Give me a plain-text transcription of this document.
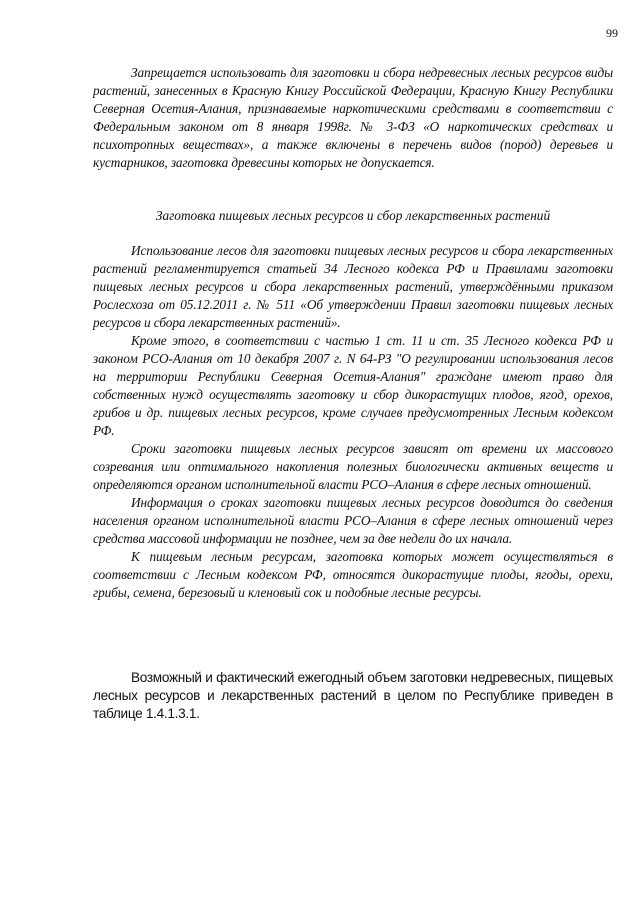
99

Запрещается использовать для заготовки и сбора недревесных лесных ресурсов виды растений, занесенных в Красную Книгу Российской Федерации, Красную Книгу Республики Северная Осетия-Алания, признаваемые наркотическими средствами в соответствии с Федеральным законом от 8 января 1998г. № 3-ФЗ «О наркотических средствах и психотропных веществах», а также включены в перечень видов (пород) деревьев и кустарников, заготовка древесины которых не допускается.

Заготовка пищевых лесных ресурсов и сбор лекарственных растений

Использование лесов для заготовки пищевых лесных ресурсов и сбора лекарственных растений регламентируется статьей 34 Лесного кодекса РФ и Правилами заготовки пищевых лесных ресурсов и сбора лекарственных растений, утверждёнными приказом Рослесхоза от 05.12.2011 г. № 511 «Об утверждении Правил заготовки пищевых лесных ресурсов и сбора лекарственных растений».

Кроме этого, в соответствии с частью 1 ст. 11 и ст. 35 Лесного кодекса РФ и законом РСО-Алания от 10 декабря 2007 г. N 64-РЗ "О регулировании использования лесов на территории Республики Северная Осетия-Алания" граждане имеют право для собственных нужд осуществлять заготовку и сбор дикорастущих плодов, ягод, орехов, грибов и др. пищевых лесных ресурсов, кроме случаев предусмотренных Лесным кодексом РФ.

Сроки заготовки пищевых лесных ресурсов зависят от времени их массового созревания или оптимального накопления полезных биологически активных веществ и определяются органом исполнительной власти РСО–Алания в сфере лесных отношений.

Информация о сроках заготовки пищевых лесных ресурсов доводится до сведения населения органом исполнительной власти РСО–Алания в сфере лесных отношений через средства массовой информации не позднее, чем за две недели до их начала.

К пищевым лесным ресурсам, заготовка которых может осуществляться в соответствии с Лесным кодексом РФ, относятся дикорастущие плоды, ягоды, орехи, грибы, семена, березовый и кленовый сок и подобные лесные ресурсы.

Возможный и фактический ежегодный объем заготовки недревесных, пищевых лесных ресурсов и лекарственных растений в целом по Республике приведен в таблице 1.4.1.3.1.
